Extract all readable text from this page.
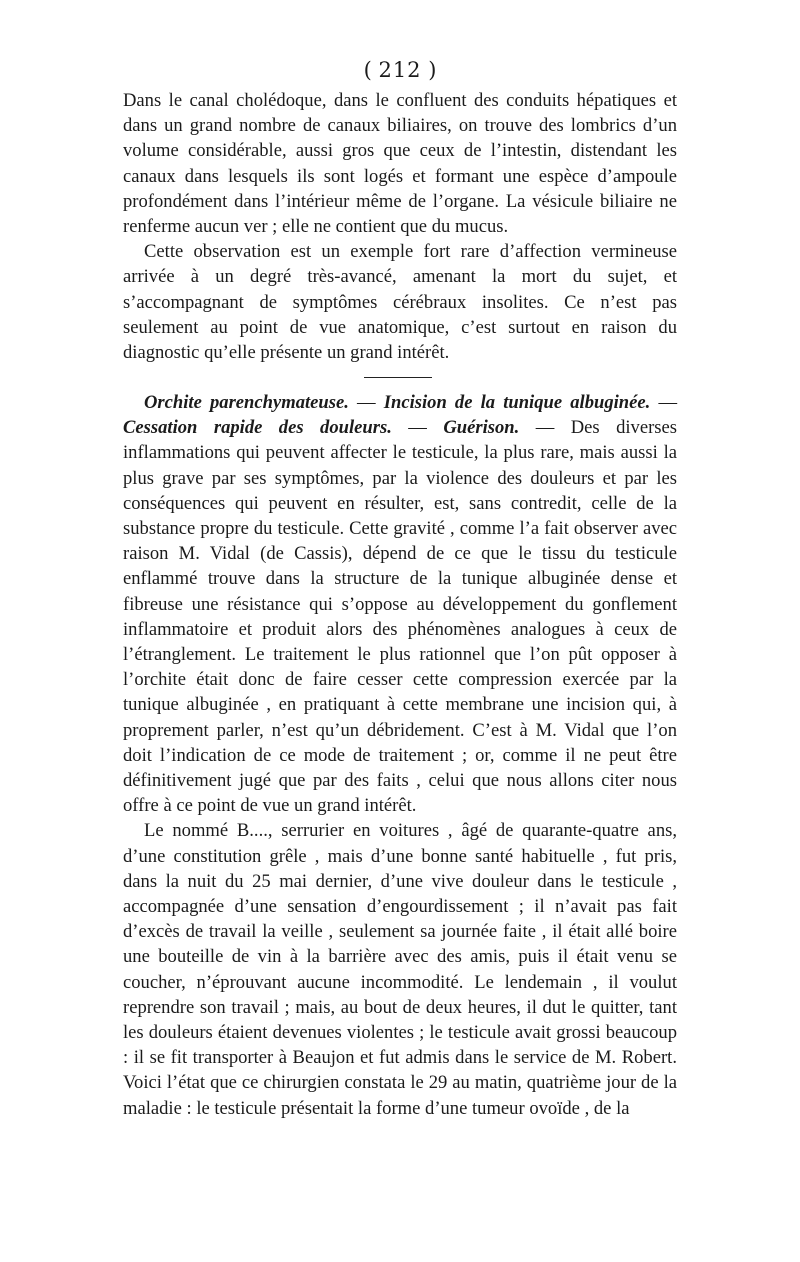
( 212 )

Dans le canal cholédoque, dans le confluent des conduits hépatiques et dans un grand nombre de canaux biliaires, on trouve des lombrics d’un volume considérable, aussi gros que ceux de l’intestin, distendant les canaux dans lesquels ils sont logés et formant une espèce d’ampoule profondément dans l’intérieur même de l’organe. La vésicule biliaire ne renferme aucun ver ; elle ne contient que du mucus.

Cette observation est un exemple fort rare d’affection vermineuse arrivée à un degré très-avancé, amenant la mort du sujet, et s’accompagnant de symptômes cérébraux insolites. Ce n’est pas seulement au point de vue anatomique, c’est surtout en raison du diagnostic qu’elle présente un grand intérêt.

Orchite parenchymateuse. — Incision de la tunique albuginée. — Cessation rapide des douleurs. — Guérison. — Des diverses inflammations qui peuvent affecter le testicule, la plus rare, mais aussi la plus grave par ses symptômes, par la violence des douleurs et par les conséquences qui peuvent en résulter, est, sans contredit, celle de la substance propre du testicule. Cette gravité , comme l’a fait observer avec raison M. Vidal (de Cassis), dépend de ce que le tissu du testicule enflammé trouve dans la structure de la tunique albuginée dense et fibreuse une résistance qui s’oppose au développement du gonflement inflammatoire et produit alors des phénomènes analogues à ceux de l’étranglement. Le traitement le plus rationnel que l’on pût opposer à l’orchite était donc de faire cesser cette compression exercée par la tunique albuginée , en pratiquant à cette membrane une incision qui, à proprement parler, n’est qu’un débridement. C’est à M. Vidal que l’on doit l’indication de ce mode de traitement ; or, comme il ne peut être définitivement jugé que par des faits , celui que nous allons citer nous offre à ce point de vue un grand intérêt.

Le nommé B...., serrurier en voitures , âgé de quarante-quatre ans, d’une constitution grêle , mais d’une bonne santé habituelle , fut pris, dans la nuit du 25 mai dernier, d’une vive douleur dans le testicule , accompagnée d’une sensation d’engourdissement ; il n’avait pas fait d’excès de travail la veille , seulement sa journée faite , il était allé boire une bouteille de vin à la barrière avec des amis, puis il était venu se coucher, n’éprouvant aucune incommodité. Le lendemain , il voulut reprendre son travail ; mais, au bout de deux heures, il dut le quitter, tant les douleurs étaient devenues violentes ; le testicule avait grossi beaucoup : il se fit transporter à Beaujon et fut admis dans le service de M. Robert. Voici l’état que ce chirurgien constata le 29 au matin, quatrième jour de la maladie : le testicule présentait la forme d’une tumeur ovoïde , de la
